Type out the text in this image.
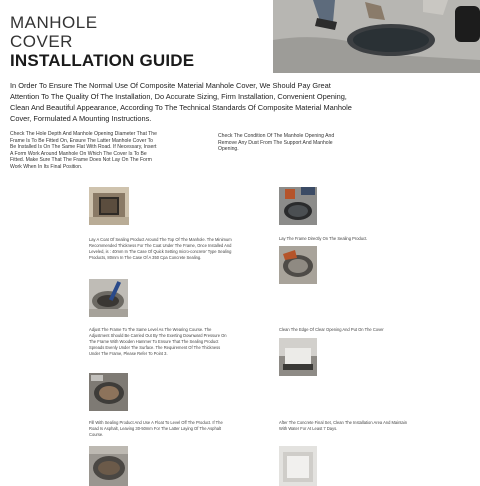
MANHOLE
COVER
INSTALLATION GUIDE
In Order To Ensure The Normal Use Of Composite Material Manhole Cover, We Should Pay Great Attention To The Quality Of The Installation, Do Accurate Sizing, Firm Installation, Convenient Opening, Clean And Beautiful Appearance, According To The Technical Standards Of Composite Material Manhole Cover, Formulated A Mounting Instructions.
Check The Hole Depth And Manhole Opening Diameter That The Frame Is To Be Fitted On, Ensure The Latter Manhole Cover To Be Installed Is On The Same Flat With Road. If Necessary, Insert A Form Work Around Manhole On Which The Cover Is To Be Fitted. Make Sure That The Frame Does Not Lay On The Form Work When In Its Final Position.
Check The Condition Of The Manhole Opening And Remove Any Dust From The Support And Manhole Opening.
Lay A Coat Of Sealing Product Around The Top Of The Manhole. The Minimum Recommended Thickness For The Coat Under The Frame, Once Installed And Leveled, is : 40mm In The Case Of Quick Setting micro-concrete’ Type Sealing Products, 80mm In The Case Of A 350 Cpa Concrete Sealing.
Lay The Frame Directly On The Sealing Product.
Adjust The Frame To The Same Level As The Wearing Course. The Adjustment Should Be Carried Out By The Exerting Downward Pressure On The Frame With Wooden Hammer To Ensure That The Sealing Product Spreads Evenly Under The Surface. The Requirement Of The Thickness Under The Frame, Please Refer To Point 3.
Clean The Edge Of Clear Opening And Put On The Cover
Fill With Sealing Product And Use A Float To Level Off The Product. If The Road Is Asphalt, Leaving 30-50mm For The Latter Laying Of The Asphalt Course.
After The Concrete Final Set, Clean The Installation Area And Maintain With Water For At Least 7 Days.
